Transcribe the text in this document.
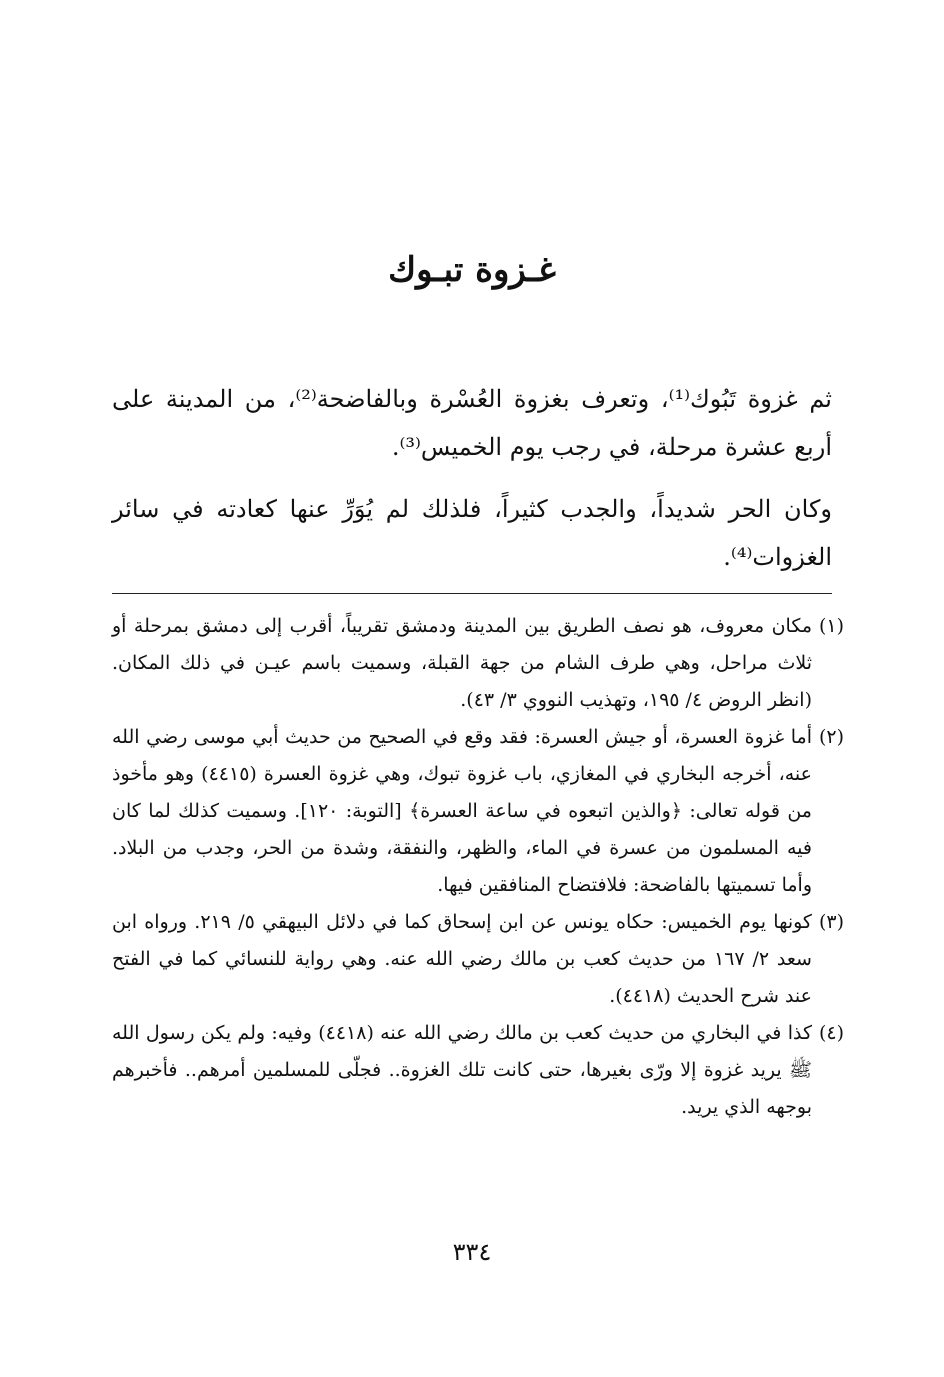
غـزوة تبـوك

ثم غزوة تَبُوك⁽¹⁾، وتعرف بغزوة العُسْرة وبالفاضحة⁽²⁾، من المدينة على أربع عشرة مرحلة، في رجب يوم الخميس⁽³⁾.

وكان الحر شديداً، والجدب كثيراً، فلذلك لم يُوَرِّ عنها كعادته في سائر الغزوات⁽⁴⁾.

(١)
مكان معروف، هو نصف الطريق بين المدينة ودمشق تقريباً، أقرب إلى دمشق بمرحلة أو ثلاث مراحل، وهي طرف الشام من جهة القبلة، وسميت باسم عيـن في ذلك المكان. (انظر الروض ٤/ ١٩٥، وتهذيب النووي ٣/ ٤٣).
(٢)
أما غزوة العسرة، أو جيش العسرة: فقد وقع في الصحيح من حديث أبي موسى رضي الله عنه، أخرجه البخاري في المغازي، باب غزوة تبوك، وهي غزوة العسرة (٤٤١٥) وهو مأخوذ من قوله تعالى: ﴿والذين اتبعوه في ساعة العسرة﴾ [التوبة: ١٢٠]. وسميت كذلك لما كان فيه المسلمون من عسرة في الماء، والظهر، والنفقة، وشدة من الحر، وجدب من البلاد. وأما تسميتها بالفاضحة: فلافتضاح المنافقين فيها.
(٣)
كونها يوم الخميس: حكاه يونس عن ابن إسحاق كما في دلائل البيهقي ٥/ ٢١٩. ورواه ابن سعد ٢/ ١٦٧ من حديث كعب بن مالك رضي الله عنه. وهي رواية للنسائي كما في الفتح عند شرح الحديث (٤٤١٨).
(٤)
كذا في البخاري من حديث كعب بن مالك رضي الله عنه (٤٤١٨) وفيه: ولم يكن رسول الله ﷺ يريد غزوة إلا ورّى بغيرها، حتى كانت تلك الغزوة.. فجلّى للمسلمين أمرهم.. فأخبرهم بوجهه الذي يريد.

٣٣٤
